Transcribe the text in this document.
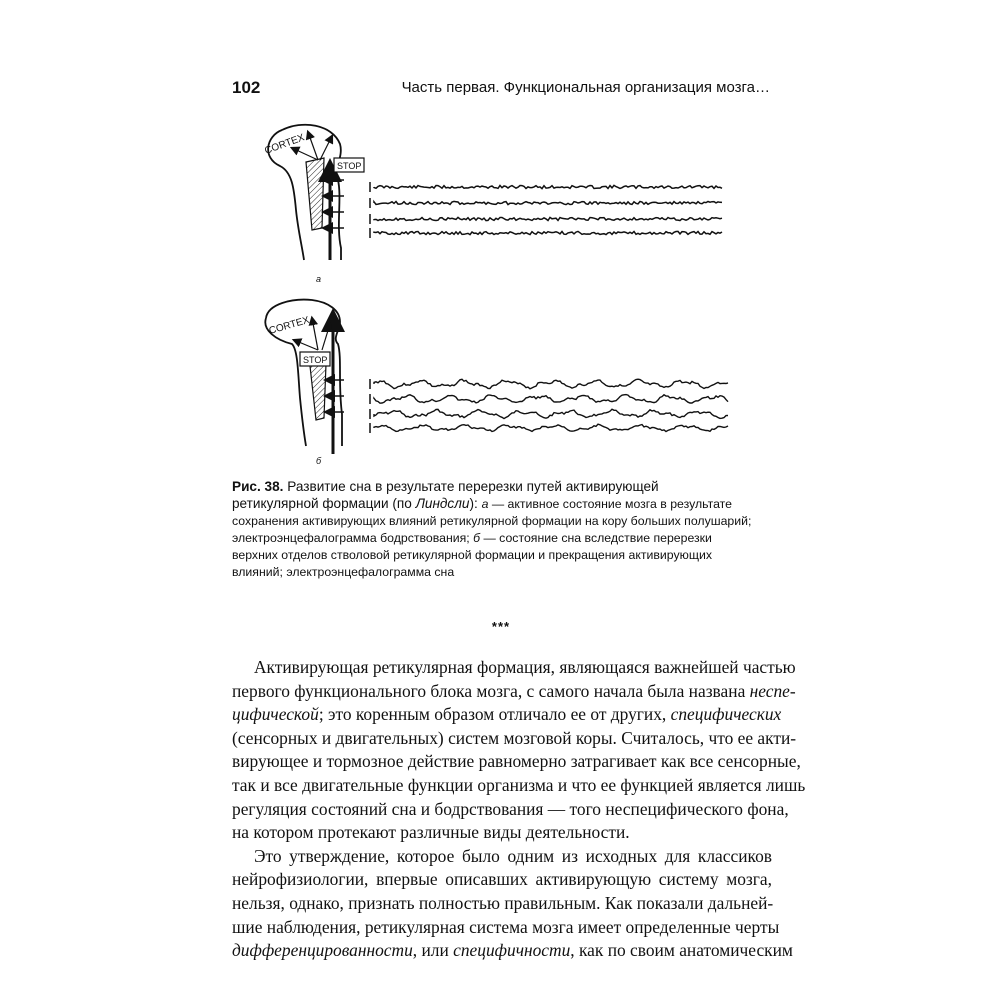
102	Часть первая. Функциональная организация мозга…
CORTEX
STOP
а
STOP
CORTEX
б
Рис. 38. Развитие сна в результате перерезки путей активирующей
ретикулярной формации (по Линдсли): а — активное состояние мозга в результате
сохранения активирующих влияний ретикулярной формации на кору больших полушарий;
электроэнцефалограмма бодрствования; б — состояние сна вследствие перерезки
верхних отделов стволовой ретикулярной формации и прекращения активирующих
влияний; электроэнцефалограмма сна
***
Активирующая ретикулярная формация, являющаяся важнейшей частью
первого функционального блока мозга, с самого начала была названа неспе-
цифической; это коренным образом отличало ее от других, специфических
(сенсорных и двигательных) систем мозговой коры. Считалось, что ее акти-
вирующее и тормозное действие равномерно затрагивает как все сенсорные,
так и все двигательные функции организма и что ее функцией является лишь
регуляция состояний сна и бодрствования — того неспецифического фона,
на котором протекают различные виды деятельности.
Это утверждение, которое было одним из исходных для классиков
нейрофизиологии, впервые описавших активирующую систему мозга,
нельзя, однако, признать полностью правильным. Как показали дальней-
шие наблюдения, ретикулярная система мозга имеет определенные черты
дифференцированности, или специфичности, как по своим анатомическим
